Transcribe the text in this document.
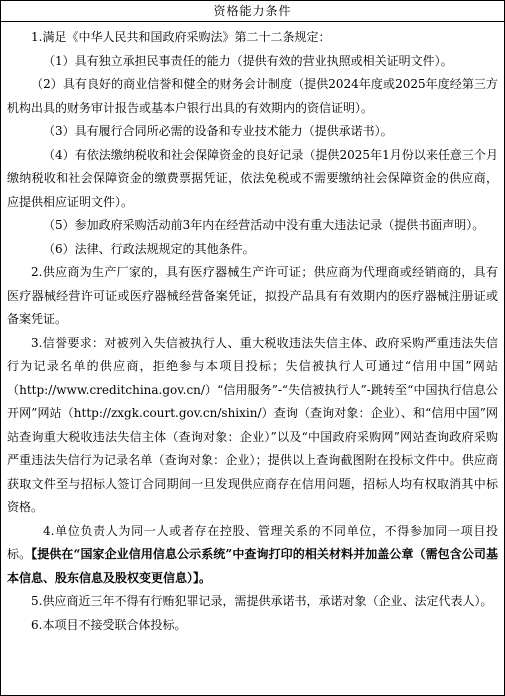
资格能力条件

1.满足《中华人民共和国政府采购法》第二十二条规定：

（1）具有独立承担民事责任的能力（提供有效的营业执照或相关证明文件）。

（2）具有良好的商业信誉和健全的财务会计制度（提供2024年度或2025年度经第三方机构出具的财务审计报告或基本户银行出具的有效期内的资信证明）。

（3）具有履行合同所必需的设备和专业技术能力（提供承诺书）。

（4）有依法缴纳税收和社会保障资金的良好记录（提供2025年1月份以来任意三个月缴纳税收和社会保障资金的缴费票据凭证，依法免税或不需要缴纳社会保障资金的供应商，应提供相应证明文件）。

（5）参加政府采购活动前3年内在经营活动中没有重大违法记录（提供书面声明）。

（6）法律、行政法规规定的其他条件。

2.供应商为生产厂家的，具有医疗器械生产许可证；供应商为代理商或经销商的，具有医疗器械经营许可证或医疗器械经营备案凭证，拟投产品具有有效期内的医疗器械注册证或备案凭证。

3.信誉要求：对被列入失信被执行人、重大税收违法失信主体、政府采购严重违法失信行为记录名单的供应商，拒绝参与本项目投标；失信被执行人可通过“信用中国”网站（http://www.creditchina.gov.cn/）“信用服务”-“失信被执行人”-跳转至“中国执行信息公开网”网站（http://zxgk.court.gov.cn/shixin/）查询（查询对象：企业）、和“信用中国”网站查询重大税收违法失信主体（查询对象：企业）”以及“中国政府采购网”网站查询政府采购严重违法失信行为记录名单（查询对象：企业）；提供以上查询截图附在投标文件中。供应商获取文件至与招标人签订合同期间一旦发现供应商存在信用问题，招标人均有权取消其中标资格。

4.单位负责人为同一人或者存在控股、管理关系的不同单位，不得参加同一项目投标。【提供在“国家企业信用信息公示系统”中查询打印的相关材料并加盖公章（需包含公司基本信息、股东信息及股权变更信息）】。

5.供应商近三年不得有行贿犯罪记录，需提供承诺书，承诺对象（企业、法定代表人）。

6.本项目不接受联合体投标。
